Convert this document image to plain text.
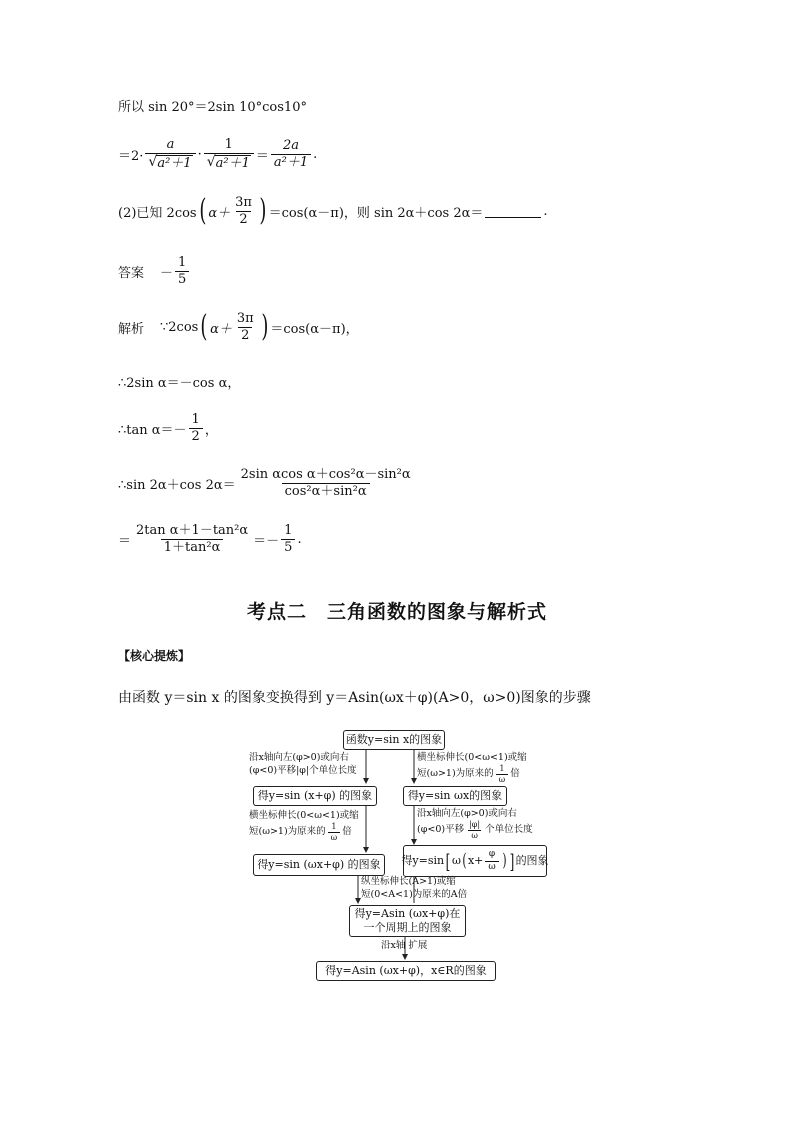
所以 sin 20°＝2sin 10°cos10°
$=2\cdot \frac{a}{\text{√ a²＋1}} \cdot \frac{1}{\text{√ a²＋1}} = \frac{2a}{\text{a²＋1}}$ .
(2)已知 2cos ( $\alpha+ \frac{3\pi}{2}$ ) ＝cos(α－π)，则 sin 2α＋cos 2α＝	.
答案 － $\frac{1}{5}$
解析 ∵2cos ( $\alpha+ \frac{3\pi}{2}$ ) ＝cos(α－π)，
∴2sin α＝－cos α，
∴tan $\alpha=- \frac{1}{2}$ ，
∴sin 2α＋cos $2\alpha= \frac{\text{2sin αcos α＋cos²α－sin²α}}{\text{cos²α＋sin²α}}$
＝ $\frac{\text{2tan α＋1－tan²α}}{\text{1＋tan²α}} =- \frac{1}{5}$ .
考点二　三角函数的图象与解析式
【核心提炼】
由函数 y＝sin x 的图象变换得到 y＝Asin(ωx＋φ)(A>0，ω>0)图象的步骤
函数y=sin x的图象
沿x轴向左(φ>0)或向右
(φ<0)平移|φ|个单位长度
横坐标伸长(0<ω<1)或缩
短(ω>1)为原来的 $\frac{1}{\omega}$ 倍
得y=sin (x+φ) 的图象	得y=sin ωx的图象
横坐标伸长(0<ω<1)或缩
短(ω>1)为原来的 $\frac{1}{\omega}$ 倍
沿x轴向左(φ>0)或向右
(φ<0)平移 $\frac{|\varphi|}{\omega}$ 个单位长度
得y=sin (ωx+φ) 的图象	得y=sin [ ω ( $x+ \frac{\varphi}{\omega}$ ) ] 的图象
纵坐标伸长(A>1)或缩
短(0<A<1)为原来的A倍
得y=Asin (ωx+φ)在
一个周期上的图象
沿x轴 扩展
得y=Asin (ωx+φ)，x∈R的图象
